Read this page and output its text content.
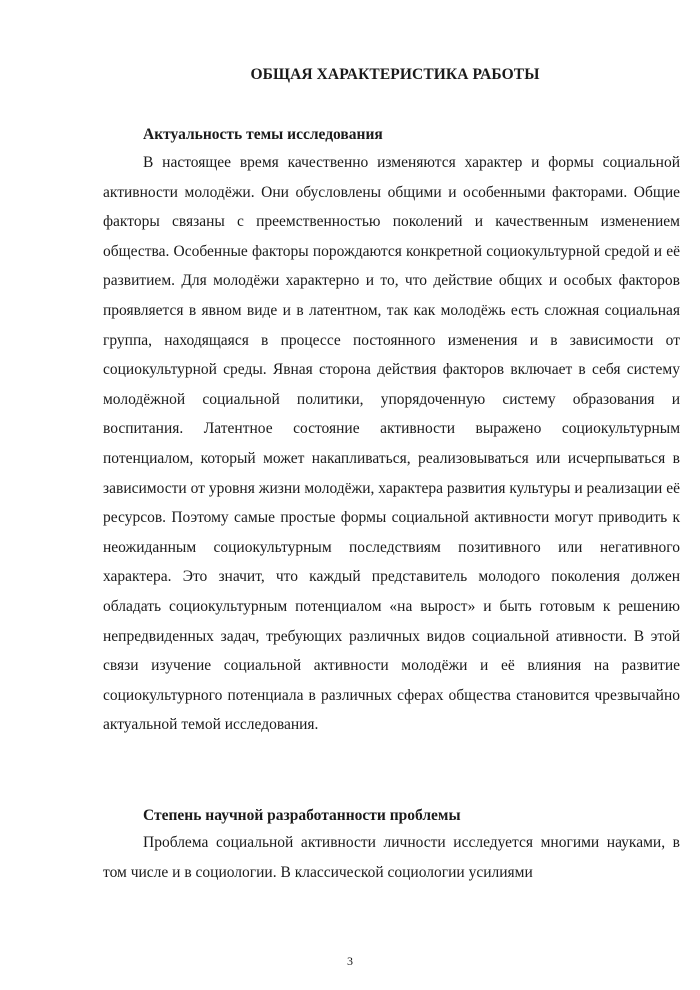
ОБЩАЯ ХАРАКТЕРИСТИКА РАБОТЫ
Актуальность темы исследования

В настоящее время качественно изменяются характер и формы социальной активности молодёжи. Они обусловлены общими и особенными факторами. Общие факторы связаны с преемственностью поколений и качественным изменением общества. Особенные факторы порождаются конкретной социокультурной средой и её развитием. Для молодёжи характерно и то, что действие общих и особых факторов проявляется в явном виде и в латентном, так как молодёжь есть сложная социальная группа, находящаяся в процессе постоянного изменения и в зависимости от социокультурной среды. Явная сторона действия факторов включает в себя систему молодёжной социальной политики, упорядоченную систему образования и воспитания. Латентное состояние активности выражено социокультурным потенциалом, который может накапливаться, реализовываться или исчерпываться в зависимости от уровня жизни молодёжи, характера развития культуры и реализации её ресурсов. Поэтому самые простые формы социальной активности могут приводить к неожиданным социокультурным последствиям позитивного или негативного характера. Это значит, что каждый представитель молодого поколения должен обладать социокультурным потенциалом «на вырост» и быть готовым к решению непредвиденных задач, требующих различных видов социальной ативности. В этой связи изучение социальной активности молодёжи и её влияния на развитие социокультурного потенциала в различных сферах общества становится чрезвычайно актуальной темой исследования.

Степень научной разработанности проблемы

Проблема социальной активности личности исследуется многими науками, в том числе и в социологии. В классической социологии усилиями

3
